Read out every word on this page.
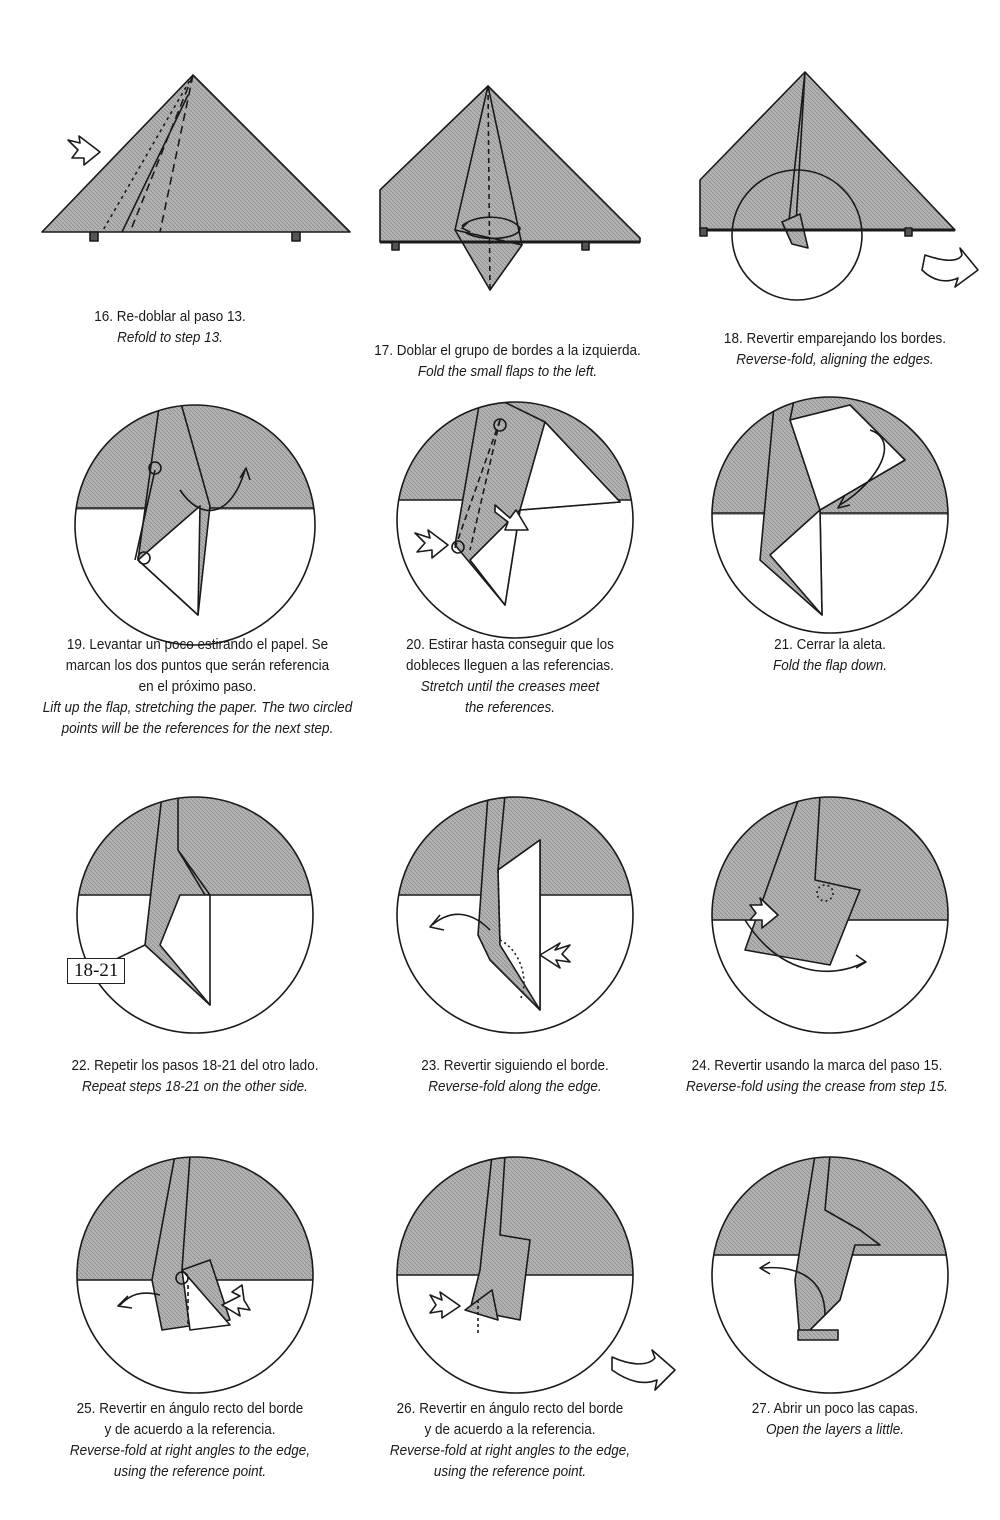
18-21
16. Re-doblar al paso 13.
Refold to step 13.
17. Doblar el grupo de bordes a la izquierda.
Fold the small flaps to the left.
18. Revertir emparejando los bordes.
Reverse-fold, aligning the edges.
19. Levantar un poco estirando el papel. Se
marcan los dos puntos que serán referencia
en el próximo paso.
Lift up the flap, stretching the paper. The two circled
points will be the references for the next step.
20. Estirar hasta conseguir que los
dobleces lleguen a las referencias.
Stretch until the creases meet
the references.
21. Cerrar la aleta.
Fold the flap down.
22. Repetir los pasos 18-21 del otro lado.
Repeat steps 18-21 on the other side.
23. Revertir siguiendo el borde.
Reverse-fold along the edge.
24. Revertir usando la marca del paso 15.
Reverse-fold using the crease from step 15.
25. Revertir en ángulo recto del borde
y de acuerdo a la referencia.
Reverse-fold at right angles to the edge,
using the reference point.
26. Revertir en ángulo recto del borde
y de acuerdo a la referencia.
Reverse-fold at right angles to the edge,
using the reference point.
27. Abrir un poco las capas.
Open the layers a little.
